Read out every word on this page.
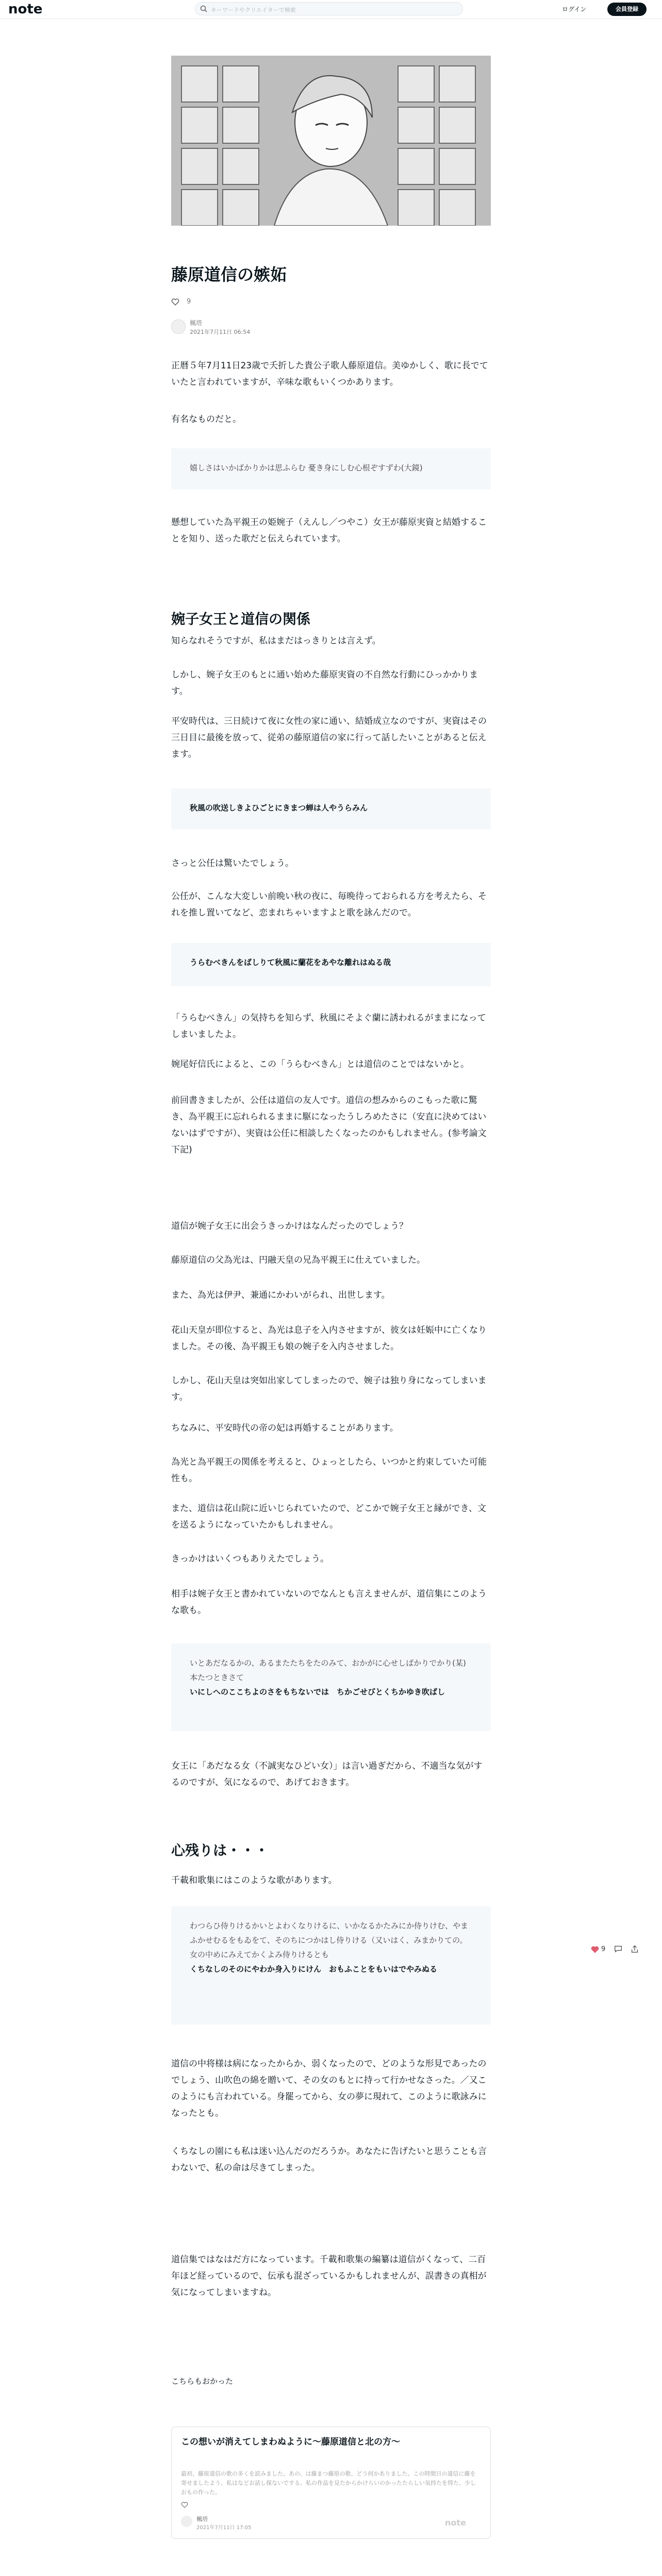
note	キーワードやクリエイターで検索	ログイン	会員登録
藤原道信の嫉妬
9
楓塔
2021年7月11日 06:54
正暦５年7月11日23歳で夭折した貴公子歌人藤原道信。美ゆかしく、歌に長でていたと言われていますが、辛味な歌もいくつかあります。
有名なものだと。
嬉しさはいかばかりかは思ふらむ 憂き身にしむ心根ぞすずわ(大鏡)
懸想していた為平親王の姫婉子（えんし／つやこ）女王が藤原実資と結婚することを知り、送った歌だと伝えられています。
婉子女王と道信の関係
知らなれそうですが、私はまだはっきりとは言えず。
しかし、婉子女王のもとに通い始めた藤原実資の不自然な行動にひっかかります。
平安時代は、三日続けて夜に女性の家に通い、結婚成立なのですが、実資はその三日目に最後を放って、従弟の藤原道信の家に行って話したいことがあると伝えます。
秋風の吹送しきよひごとにきまつ蝉は人やうらみん
さっと公任は驚いたでしょう。
公任が、こんな大変しい前晩い秋の夜に、毎晩待っておられる方を考えたら、それを推し置いてなど、恋まれちゃいますよと歌を詠んだので。
うらむべきんをばしりて秋風に蘭花をあやな離れはぬる哉
「うらむべきん」の気持ちを知らず、秋風にそよぐ蘭に誘われるがままになってしまいましたよ。
婉尾好信氏によると、この「うらむべきん」とは道信のことではないかと。
前回書きましたが、公任は道信の友人です。道信の想みからのこもった歌に驚き、為平親王に忘れられるままに駆になったうしろめたさに（安直に決めてはいないはずですが）、実資は公任に相談したくなったのかもしれません。(参考論文下記)
道信が婉子女王に出会うきっかけはなんだったのでしょう？
藤原道信の父為光は、円融天皇の兄為平親王に仕えていました。
また、為光は伊尹、兼通にかわいがられ、出世します。
花山天皇が即位すると、為光は息子を入内させますが、彼女は妊娠中に亡くなりました。その後、為平親王も娘の婉子を入内させました。
しかし、花山天皇は突如出家してしまったので、婉子は独り身になってしまいます。
ちなみに、平安時代の帝の妃は再婚することがあります。
為光と為平親王の関係を考えると、ひょっとしたら、いつかと約束していた可能性も。
また、道信は花山院に近いじられていたので、どこかで婉子女王と縁ができ、文を送るようになっていたかもしれません。
きっかけはいくつもありえたでしょう。
相手は婉子女王と書かれていないのでなんとも言えませんが、道信集にこのような歌も。
いとあだなるかの、あるまたたちをたのみて、おかがに心せしばかりでかり(某)本たつときさて
いにしへのここちよのさをもちないでは　ちかごせびとくちかゆき吹ばし
女王に「あだなる女（不誠実なひどい女）」は言い過ぎだから、不適当な気がするのですが、気になるので、あげておきます。
心残りは・・・
千載和歌集にはこのような歌があります。
わつらひ侍りけるかいとよわくなりけるに、いかなるかたみにか侍りけむ、やまふかせむるをもゐをて、そのちにつかはし侍りける（又いはく、みまかりての。女の中めにみえてかくよみ侍りけるとも
くちなしのそのにやわか身入りにけん　おもふことをもいはでやみぬる
道信の中将様は病になったからか、弱くなったので、どのような形見であったのでしょう、山吹色の綿を贈いて、その女のもとに持って行かせなさった。／又このようにも言われている。身罷ってから、女の夢に現れて、このように歌詠みになったとも。
くちなしの園にも私は迷い込んだのだろうか。あなたに告げたいと思うことも言わないで、私の命は尽きてしまった。
道信集ではなはだ方になっています。千載和歌集の編纂は道信がくなって、二百年ほど経っているので、伝承も混ざっているかもしれませんが、誤書きの真相が気になってしまいますね。
こちらもおかった
この想いが消えてしまわぬように～藤原道信と北の方～
最初、藤原道信の歌の多くを読みました。あの、は藤まつ藤原の歌、どう何かありました。この時間日の道信に藤を寄せましたよう、私はなどお話し探ないでする。私の作品を見たからかけらいのかったたらしい気持たを得た、少しおもの作った。
楓塔
2021年7月11日 17:05
note
9
